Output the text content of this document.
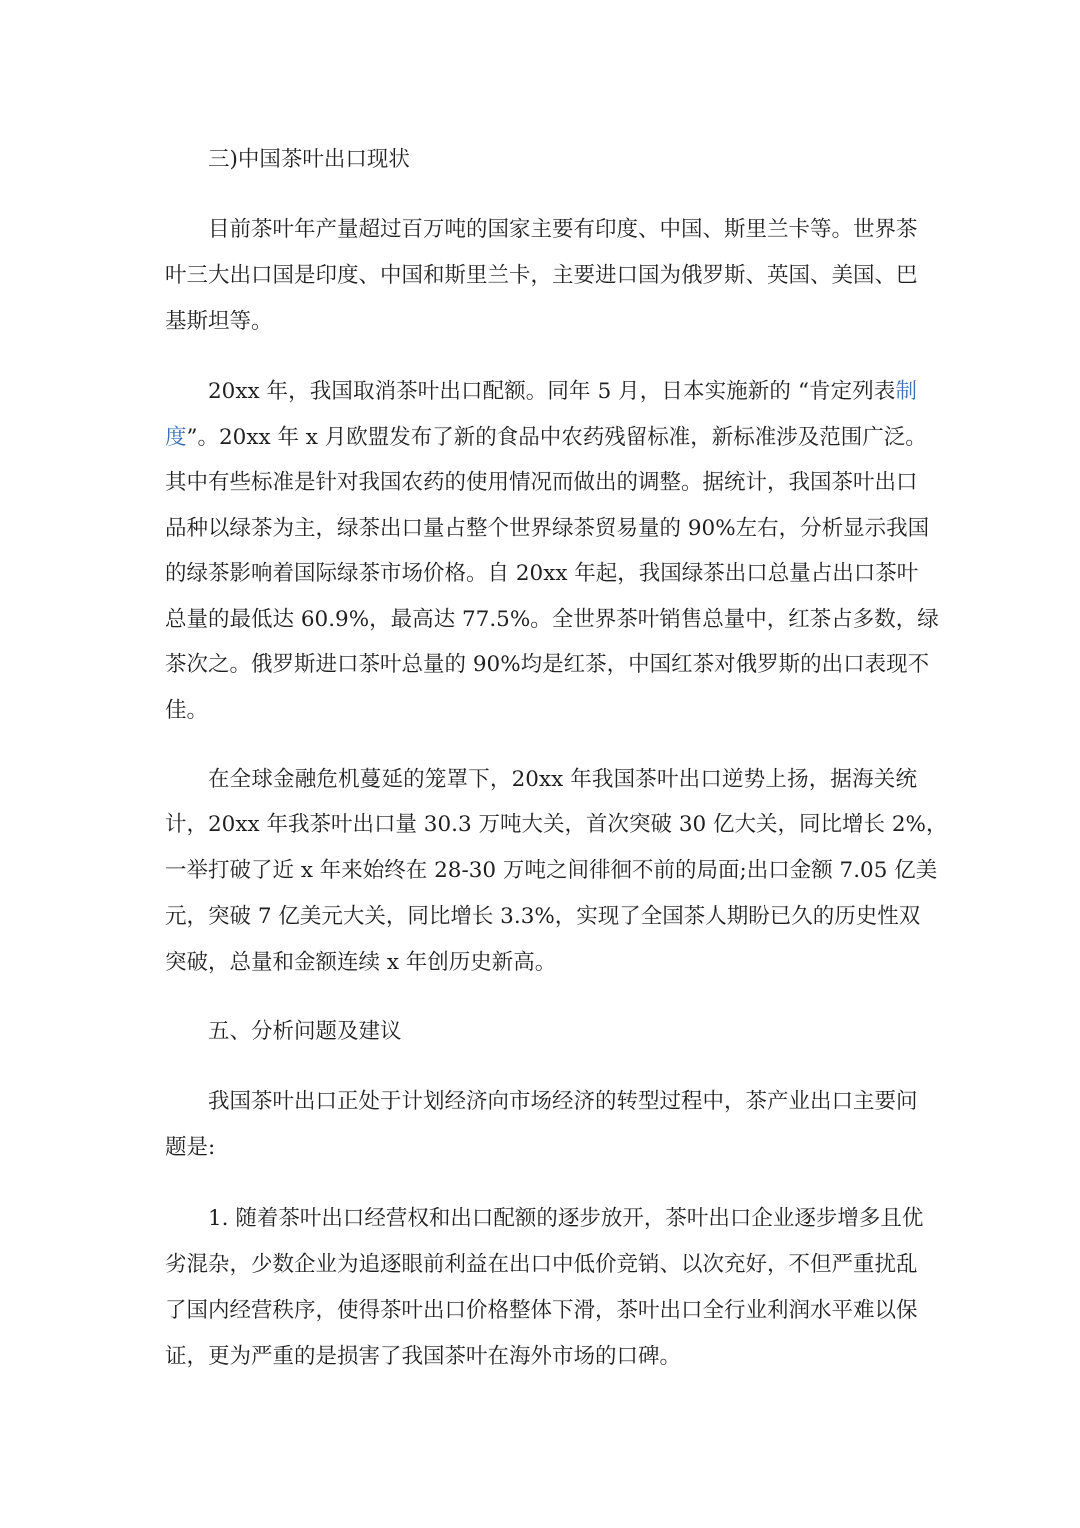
三)中国茶叶出口现状
目前茶叶年产量超过百万吨的国家主要有印度、中国、斯里兰卡等。世界茶
叶三大出口国是印度、中国和斯里兰卡，主要进口国为俄罗斯、英国、美国、巴
基斯坦等。
20xx 年，我国取消茶叶出口配额。同年 5 月，日本实施新的 “肯定列表制
度”。20xx 年 x 月欧盟发布了新的食品中农药残留标准，新标准涉及范围广泛。
其中有些标准是针对我国农药的使用情况而做出的调整。据统计，我国茶叶出口
品种以绿茶为主，绿茶出口量占整个世界绿茶贸易量的 90%左右，分析显示我国
的绿茶影响着国际绿茶市场价格。自 20xx 年起，我国绿茶出口总量占出口茶叶
总量的最低达 60.9%，最高达 77.5%。全世界茶叶销售总量中，红茶占多数，绿
茶次之。俄罗斯进口茶叶总量的 90%均是红茶，中国红茶对俄罗斯的出口表现不
佳。
在全球金融危机蔓延的笼罩下，20xx 年我国茶叶出口逆势上扬，据海关统
计，20xx 年我茶叶出口量 30.3 万吨大关，首次突破 30 亿大关，同比增长 2%，
一举打破了近 x 年来始终在 28-30 万吨之间徘徊不前的局面;出口金额 7.05 亿美
元，突破 7 亿美元大关，同比增长 3.3%，实现了全国茶人期盼已久的历史性双
突破，总量和金额连续 x 年创历史新高。
五、分析问题及建议
我国茶叶出口正处于计划经济向市场经济的转型过程中，茶产业出口主要问
题是:
1. 随着茶叶出口经营权和出口配额的逐步放开，茶叶出口企业逐步增多且优
劣混杂，少数企业为追逐眼前利益在出口中低价竞销、以次充好，不但严重扰乱
了国内经营秩序，使得茶叶出口价格整体下滑，茶叶出口全行业利润水平难以保
证，更为严重的是损害了我国茶叶在海外市场的口碑。
